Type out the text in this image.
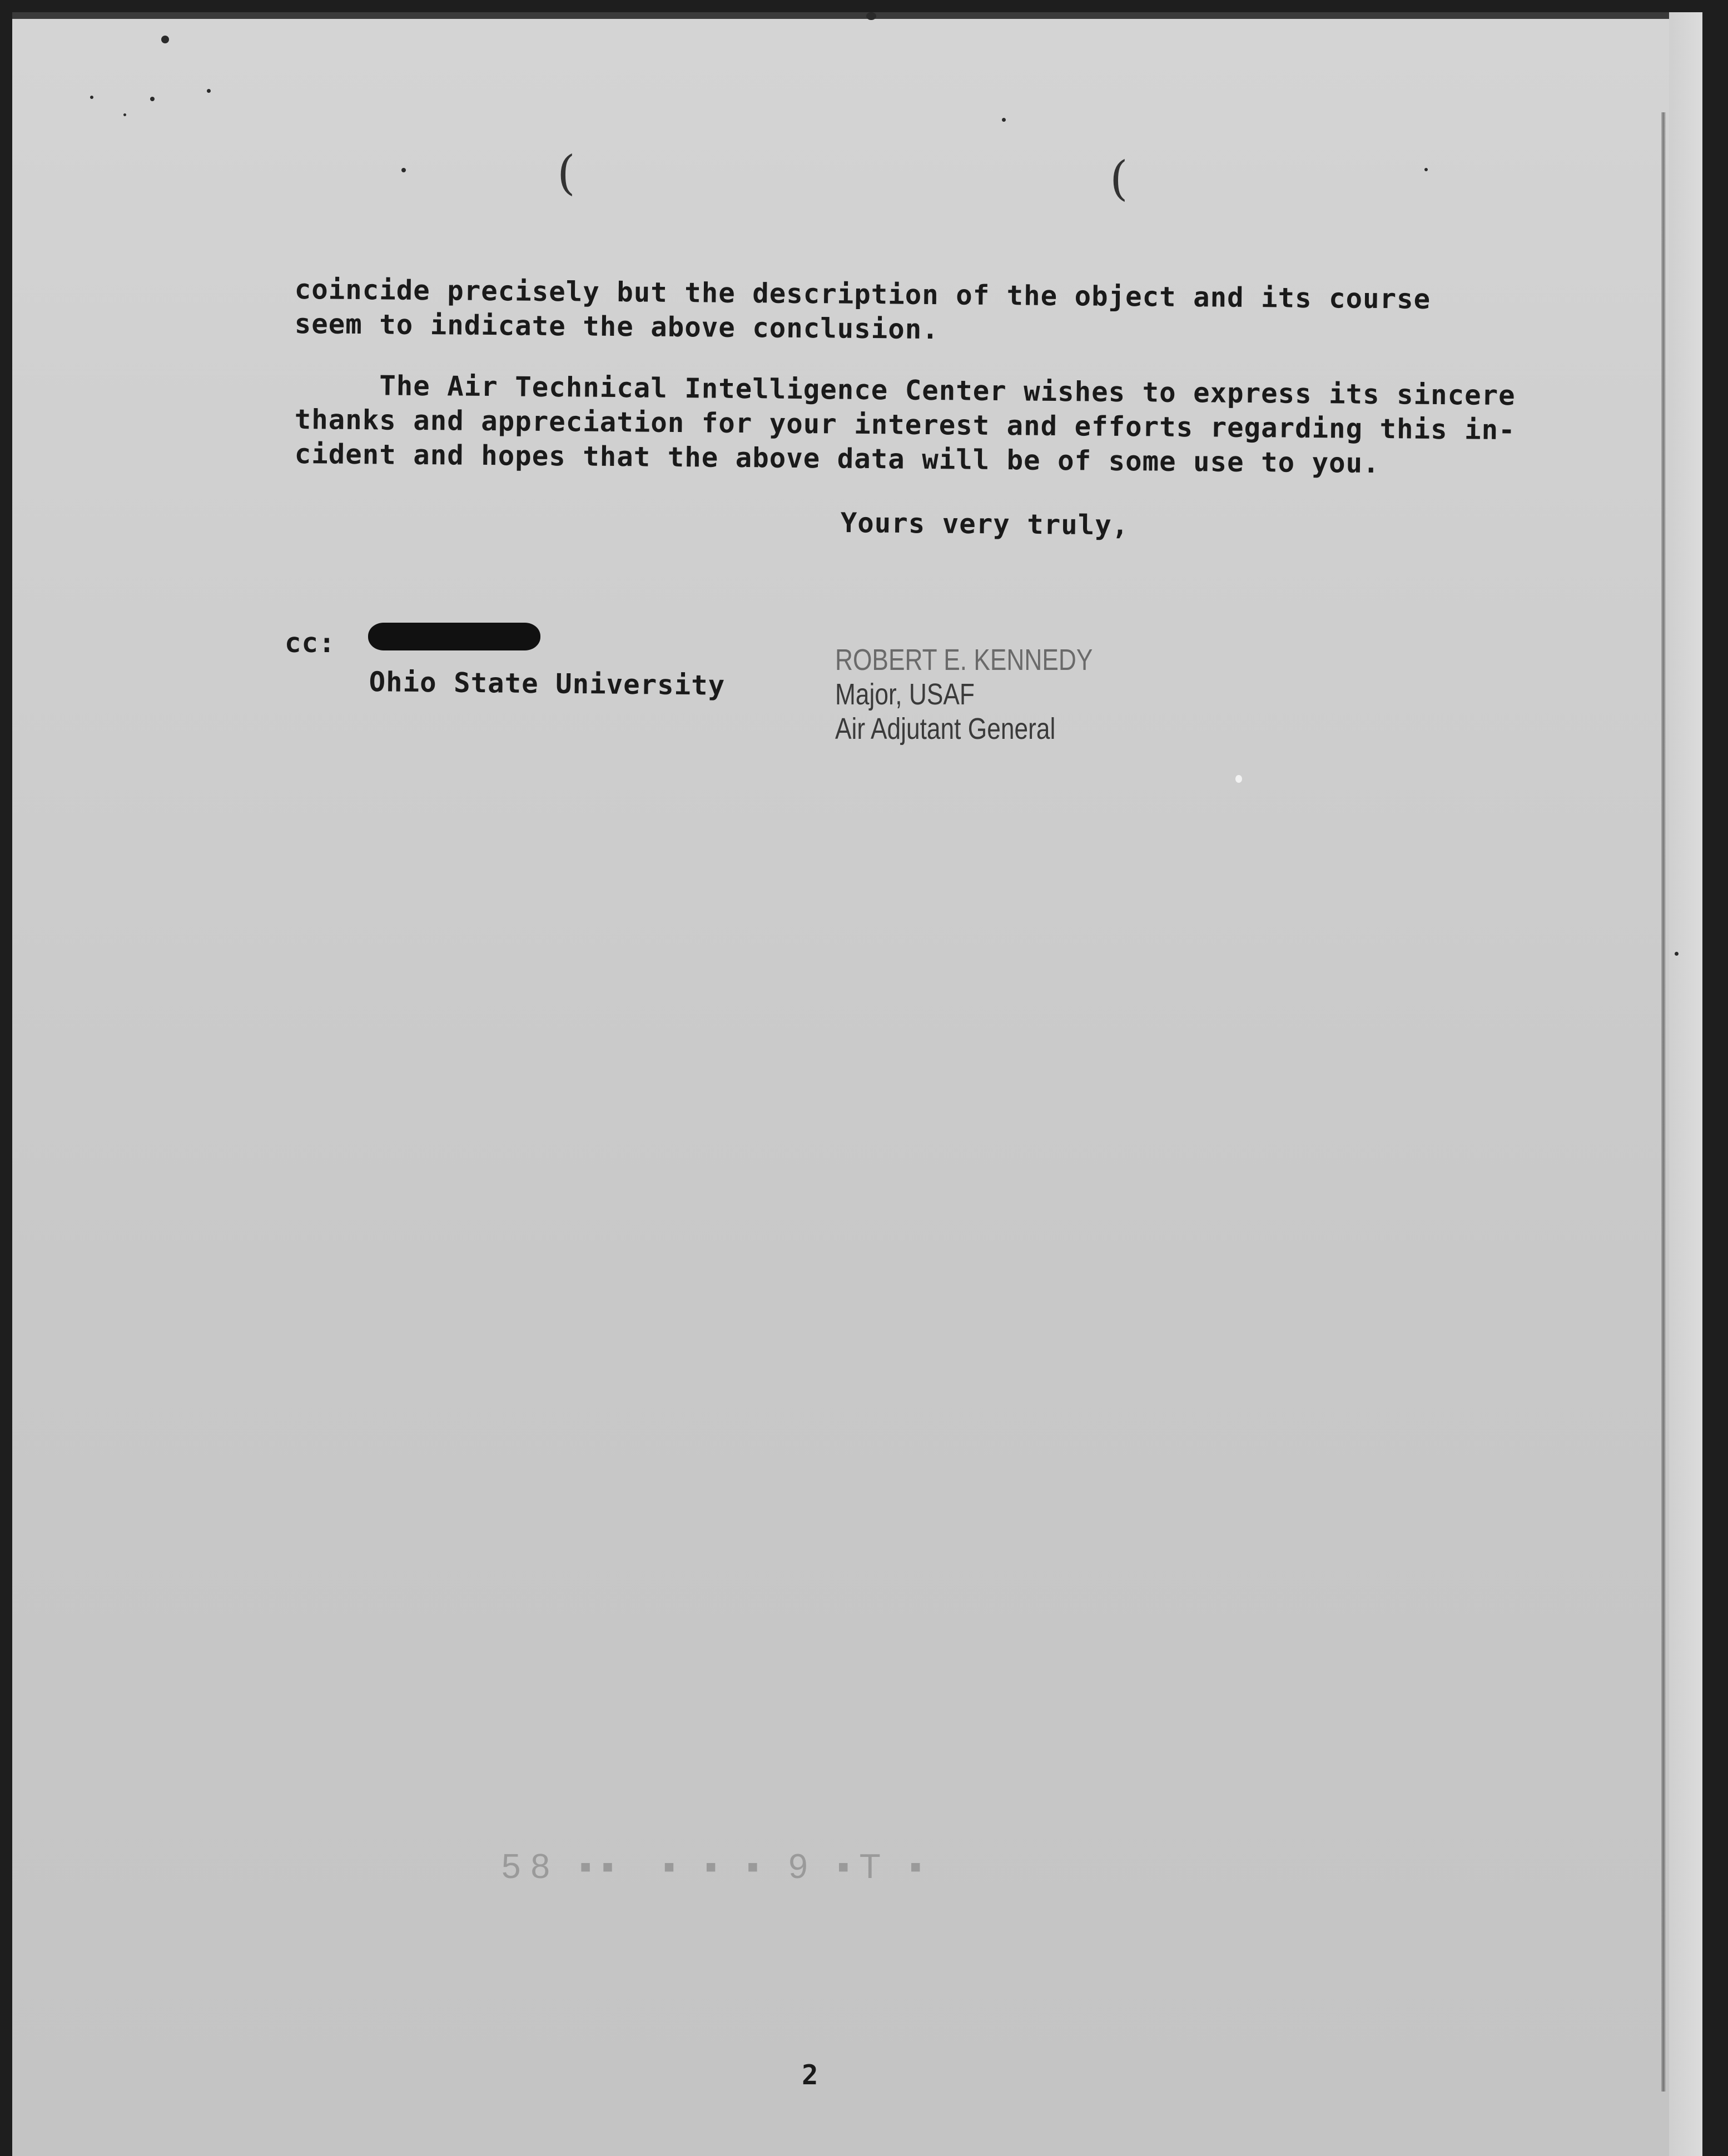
(	(
coincide precisely but the description of the object and its course
seem to indicate the above conclusion.
The Air Technical Intelligence Center wishes to express its sincere
thanks and appreciation for your interest and efforts regarding this in-
cident and hopes that the above data will be of some use to you.
Yours very truly,
cc:
Ohio State University
ROBERT E. KENNEDY
Major, USAF
Air Adjutant General
58 ▪▪  ▪ ▪ ▪ 9 ▪T ▪
2
